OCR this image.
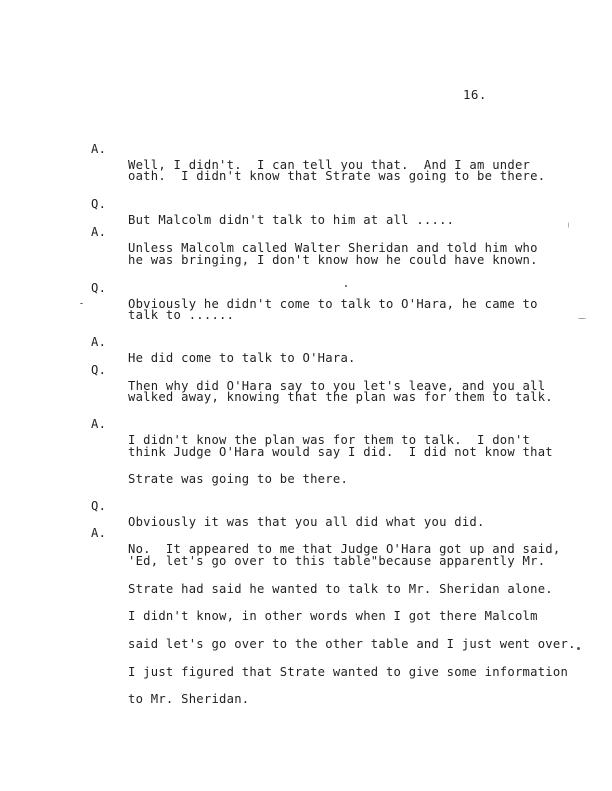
16.

A.

Well, I didn't.  I can tell you that.  And I am under

oath.  I didn't know that Strate was going to be there.

Q.

But Malcolm didn't talk to him at all .....

A.

Unless Malcolm called Walter Sheridan and told him who

he was bringing, I don't know how he could have known.

Q.

Obviously he didn't come to talk to O'Hara, he came to

talk to ......

A.

He did come to talk to O'Hara.

Q.

Then why did O'Hara say to you let's leave, and you all

walked away, knowing that the plan was for them to talk.

A.

I didn't know the plan was for them to talk.  I don't

think Judge O'Hara would say I did.  I did not know that

Strate was going to be there.

Q.

Obviously it was that you all did what you did.

A.

No.  It appeared to me that Judge O'Hara got up and said,

'Ed, let's go over to this table"because apparently Mr.

Strate had said he wanted to talk to Mr. Sheridan alone.

I didn't know, in other words when I got there Malcolm

said let's go over to the other table and I just went over.

I just figured that Strate wanted to give some information

to Mr. Sheridan.
